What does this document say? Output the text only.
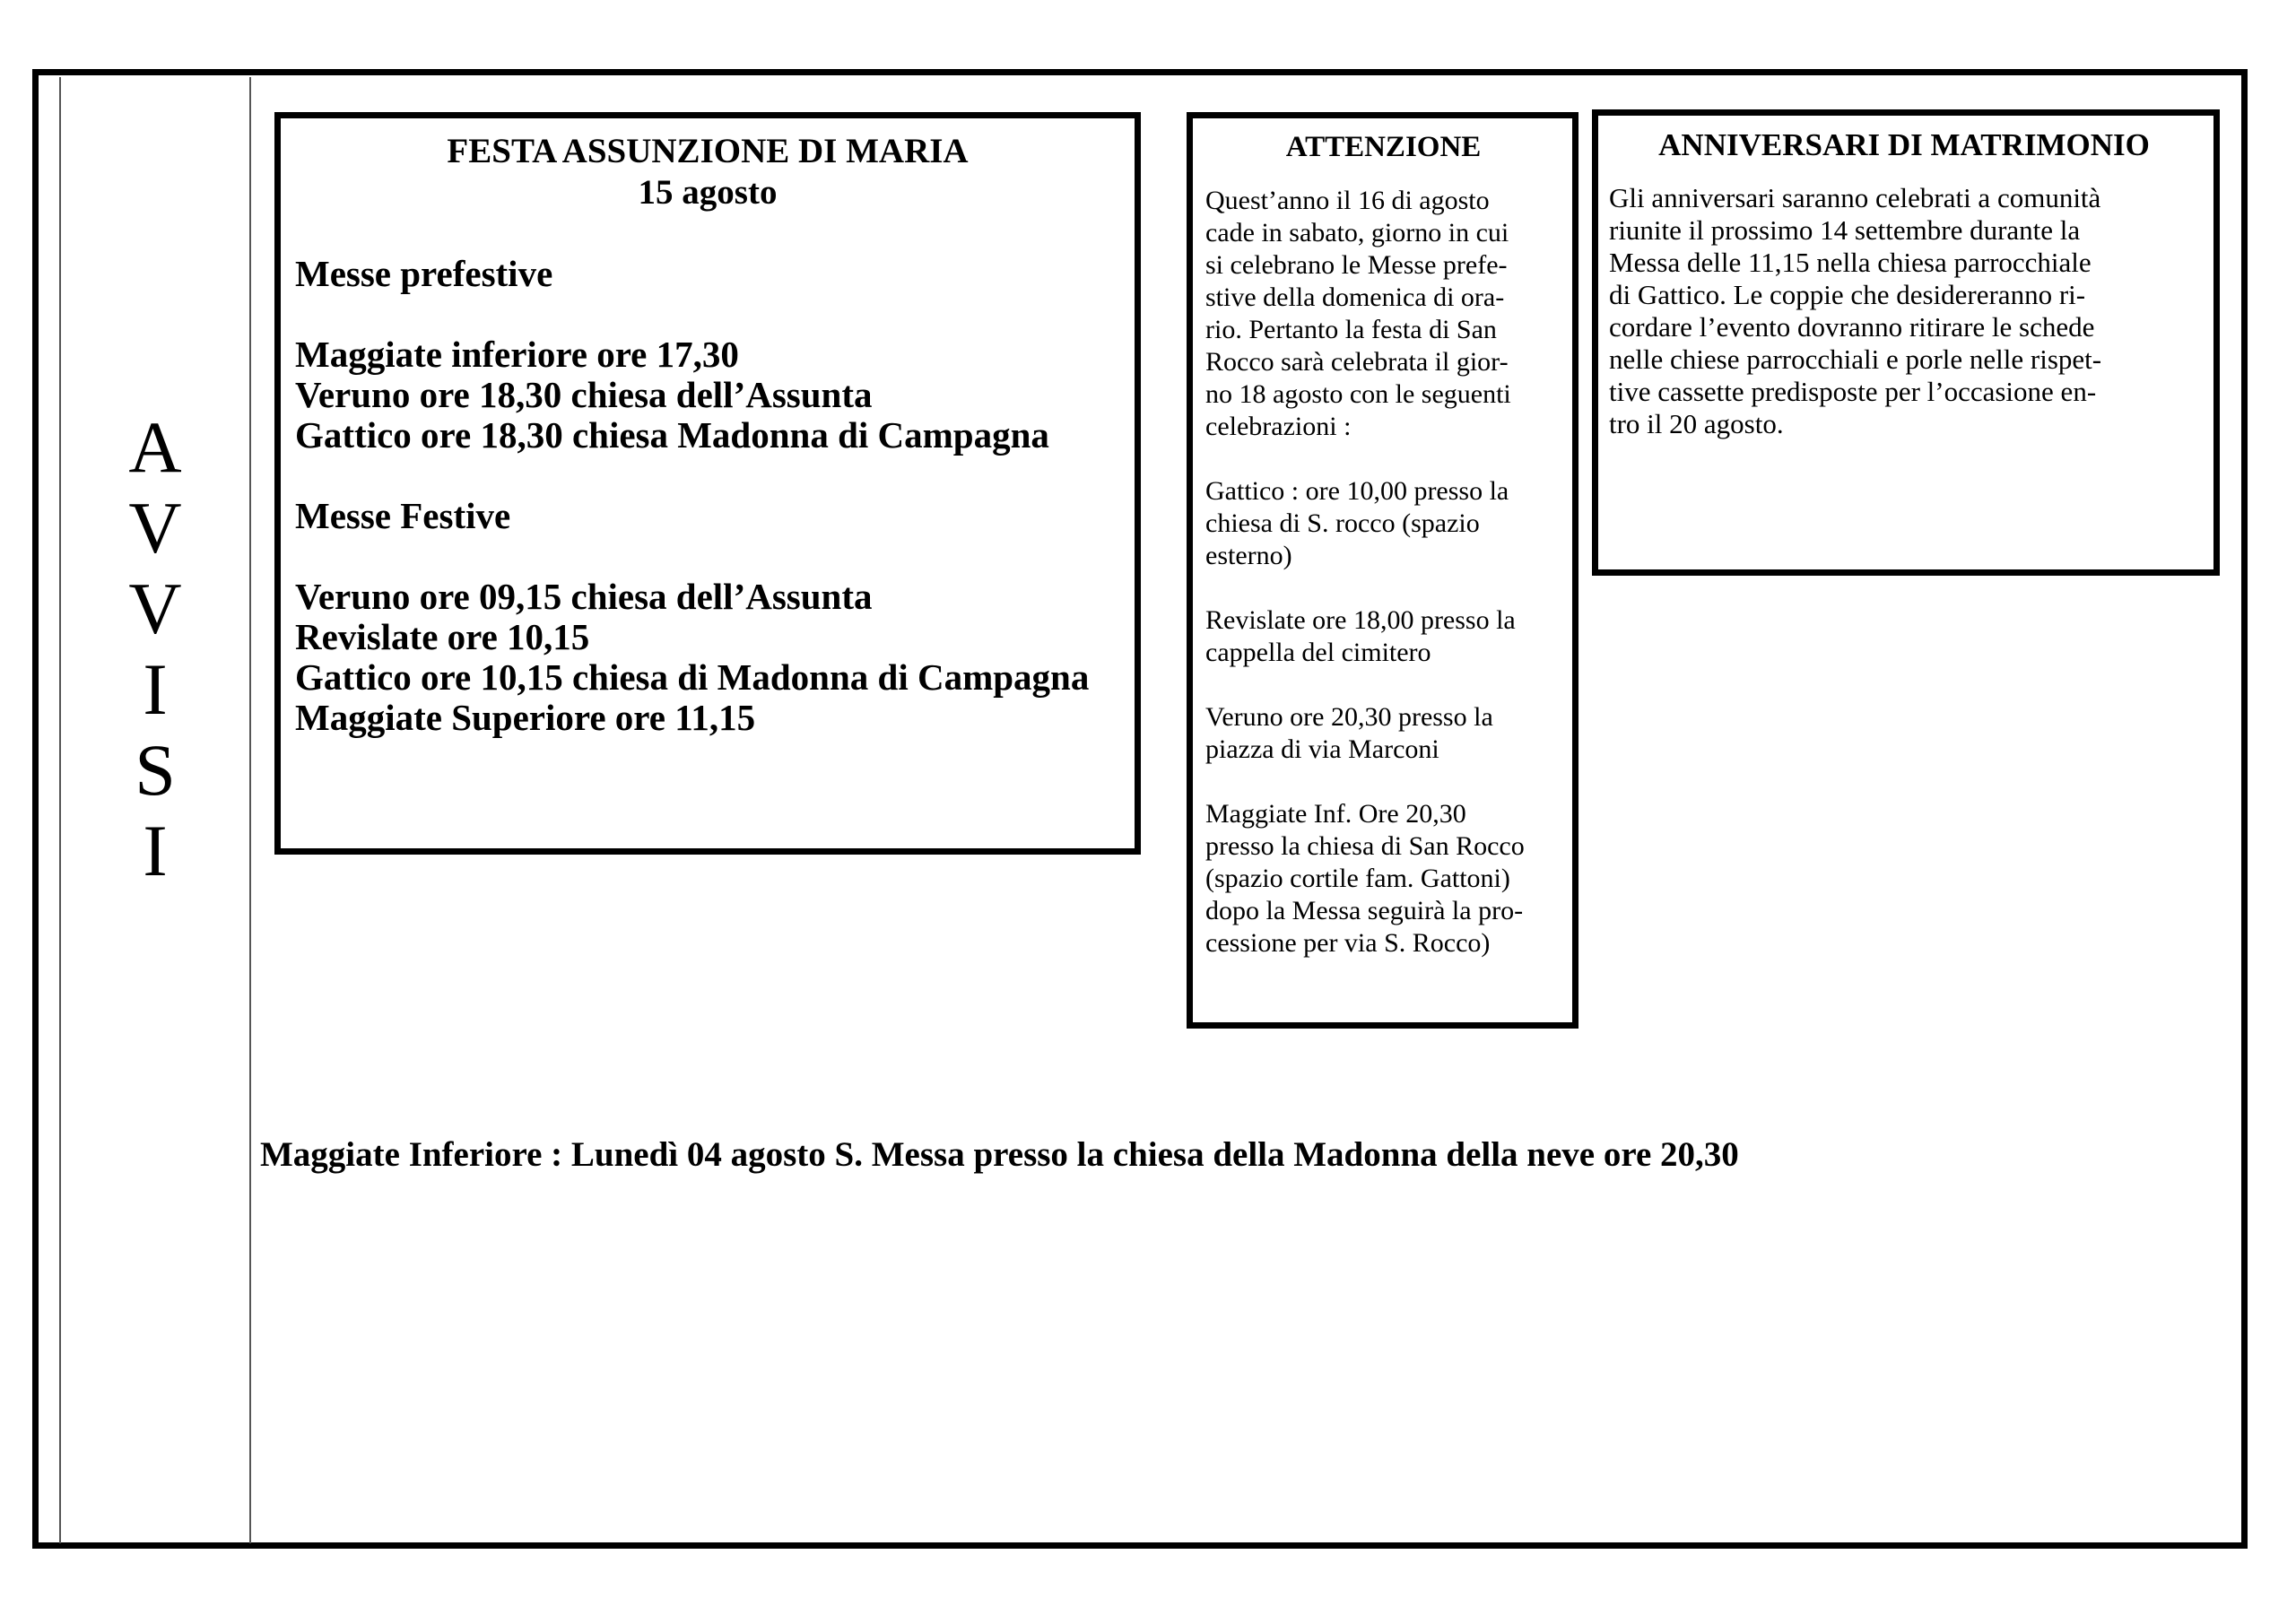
A
V
V
I
S
I
FESTA ASSUNZIONE DI MARIA
15 agosto
Messe prefestive
Maggiate inferiore ore 17,30
Veruno ore 18,30 chiesa dell’Assunta
Gattico ore 18,30 chiesa Madonna di Campagna
Messe Festive
Veruno ore 09,15 chiesa dell’Assunta
Revislate ore 10,15
Gattico ore 10,15 chiesa di Madonna di Campagna
Maggiate Superiore ore 11,15
ATTENZIONE
Quest’anno il 16 di agosto
cade in sabato, giorno in cui
si celebrano le Messe prefe-
stive della domenica di ora-
rio. Pertanto la festa di San
Rocco sarà celebrata il gior-
no 18 agosto con le seguenti
celebrazioni :
Gattico : ore 10,00 presso la
chiesa di S. rocco (spazio
esterno)
Revislate ore 18,00 presso la
cappella del cimitero
Veruno ore 20,30 presso la
piazza di via Marconi
Maggiate Inf. Ore 20,30
presso la chiesa di San Rocco
(spazio cortile fam. Gattoni)
dopo la Messa seguirà la pro-
cessione per via S. Rocco)
ANNIVERSARI DI MATRIMONIO
Gli anniversari saranno celebrati a comunità
riunite il prossimo 14 settembre durante la
Messa delle 11,15 nella chiesa parrocchiale
di Gattico. Le coppie che desidereranno ri-
cordare l’evento dovranno ritirare le schede
nelle chiese parrocchiali e porle nelle rispet-
tive cassette predisposte per l’occasione en-
tro il 20 agosto.
Maggiate Inferiore : Lunedì 04 agosto S. Messa presso la chiesa della Madonna della neve ore 20,30
